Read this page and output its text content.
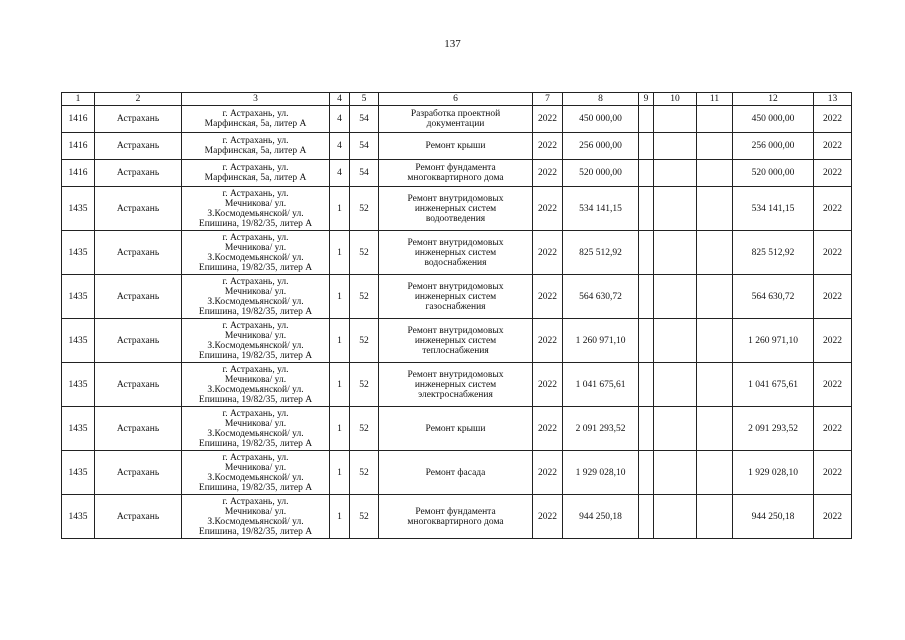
137
1	2	3	4	5	6	7	8	9	10	11	12	13
1416	Астрахань	г. Астрахань, ул.
Марфинская, 5а, литер А	4	54	Разработка проектной
документации	2022	450 000,00				450 000,00	2022
1416	Астрахань	г. Астрахань, ул.
Марфинская, 5а, литер А	4	54	Ремонт крыши	2022	256 000,00				256 000,00	2022
1416	Астрахань	г. Астрахань, ул.
Марфинская, 5а, литер А	4	54	Ремонт фундамента
многоквартирного дома	2022	520 000,00				520 000,00	2022
1435	Астрахань	г. Астрахань, ул.
Мечникова/ ул.
З.Космодемьянской/ ул.
Епишина, 19/82/35, литер А	1	52	Ремонт внутридомовых
инженерных систем
водоотведения	2022	534 141,15				534 141,15	2022
1435	Астрахань	г. Астрахань, ул.
Мечникова/ ул.
З.Космодемьянской/ ул.
Епишина, 19/82/35, литер А	1	52	Ремонт внутридомовых
инженерных систем
водоснабжения	2022	825 512,92				825 512,92	2022
1435	Астрахань	г. Астрахань, ул.
Мечникова/ ул.
З.Космодемьянской/ ул.
Епишина, 19/82/35, литер А	1	52	Ремонт внутридомовых
инженерных систем
газоснабжения	2022	564 630,72				564 630,72	2022
1435	Астрахань	г. Астрахань, ул.
Мечникова/ ул.
З.Космодемьянской/ ул.
Епишина, 19/82/35, литер А	1	52	Ремонт внутридомовых
инженерных систем
теплоснабжения	2022	1 260 971,10				1 260 971,10	2022
1435	Астрахань	г. Астрахань, ул.
Мечникова/ ул.
З.Космодемьянской/ ул.
Епишина, 19/82/35, литер А	1	52	Ремонт внутридомовых
инженерных систем
электроснабжения	2022	1 041 675,61				1 041 675,61	2022
1435	Астрахань	г. Астрахань, ул.
Мечникова/ ул.
З.Космодемьянской/ ул.
Епишина, 19/82/35, литер А	1	52	Ремонт крыши	2022	2 091 293,52				2 091 293,52	2022
1435	Астрахань	г. Астрахань, ул.
Мечникова/ ул.
З.Космодемьянской/ ул.
Епишина, 19/82/35, литер А	1	52	Ремонт фасада	2022	1 929 028,10				1 929 028,10	2022
1435	Астрахань	г. Астрахань, ул.
Мечникова/ ул.
З.Космодемьянской/ ул.
Епишина, 19/82/35, литер А	1	52	Ремонт фундамента
многоквартирного дома	2022	944 250,18				944 250,18	2022
